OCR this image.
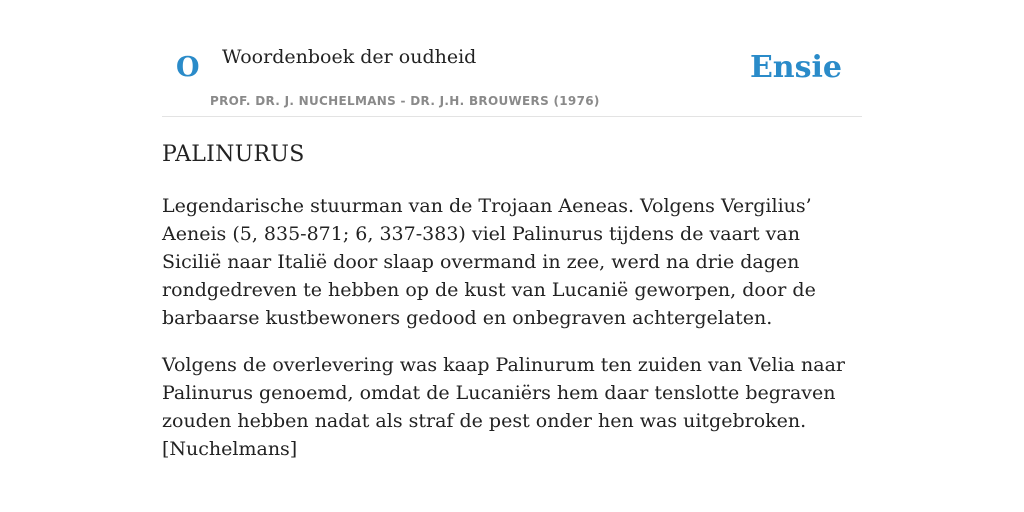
O Woordenboek der oudheid
PROF. DR. J. NUCHELMANS - DR. J.H. BROUWERS (1976)
Ensie
PALINURUS

Legendarische stuurman van de Trojaan Aeneas. Volgens Vergilius’ Aeneis (5, 835-871; 6, 337-383) viel Palinurus tijdens de vaart van Sicilië naar Italië door slaap overmand in zee, werd na drie dagen rondgedreven te hebben op de kust van Lucanië geworpen, door de barbaarse kustbewoners gedood en onbegraven achtergelaten.

Volgens de overlevering was kaap Palinurum ten zuiden van Velia naar Palinurus genoemd, omdat de Lucaniërs hem daar tenslotte begraven zouden hebben nadat als straf de pest onder hen was uitgebroken. [Nuchelmans]
